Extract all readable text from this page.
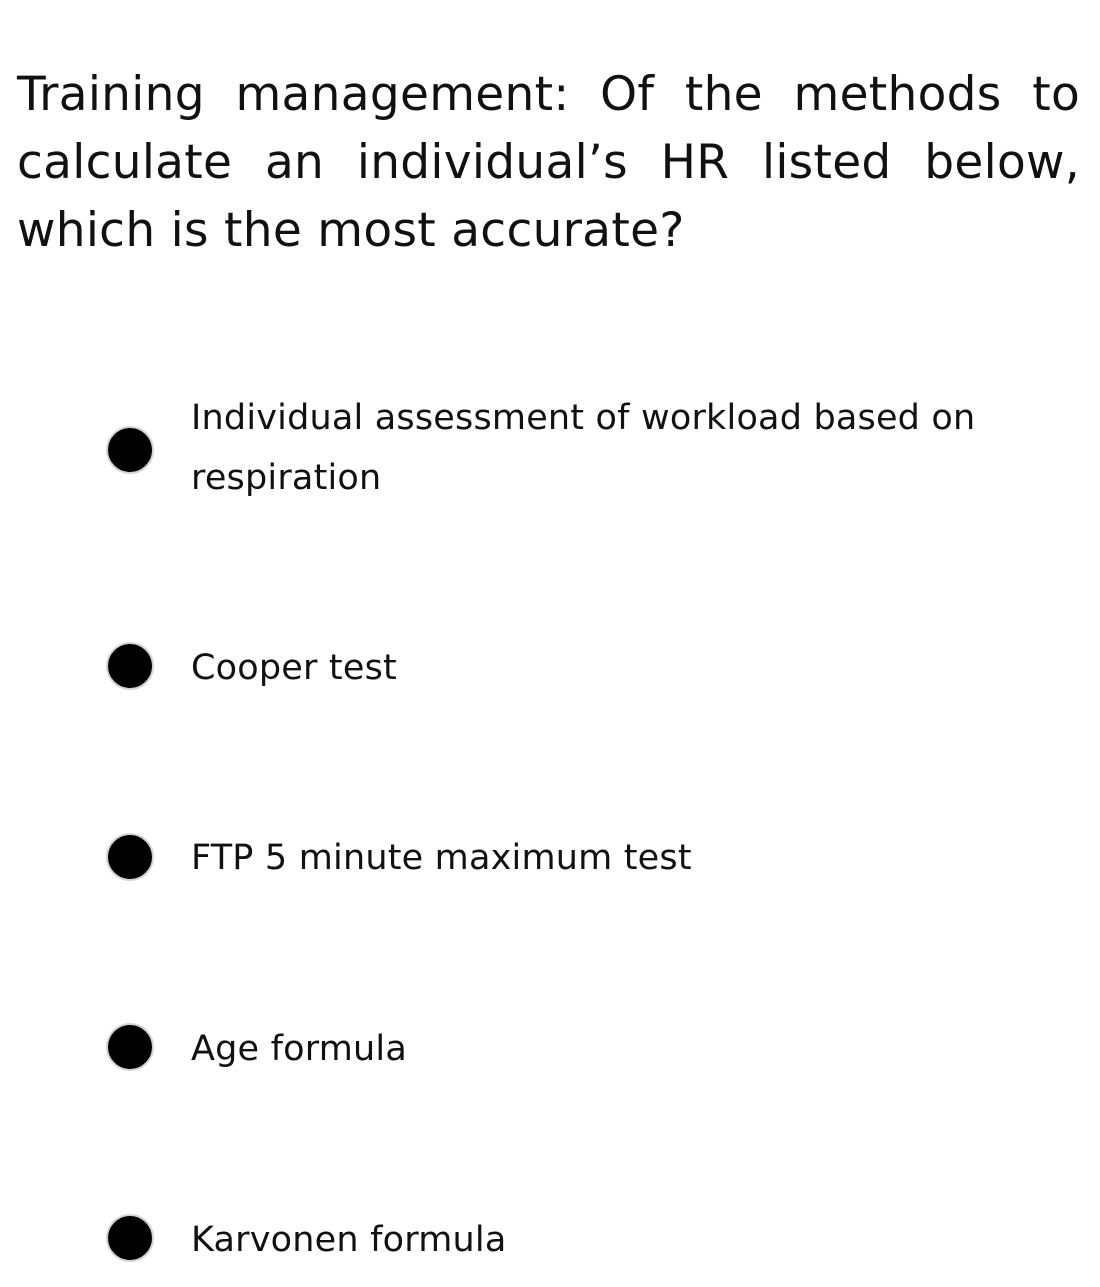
Training management: Of the methods to calculate an individual’s HR listed below, which is the most accurate?

Individual assessment of workload based on respiration
Cooper test
FTP 5 minute maximum test
Age formula
Karvonen formula
